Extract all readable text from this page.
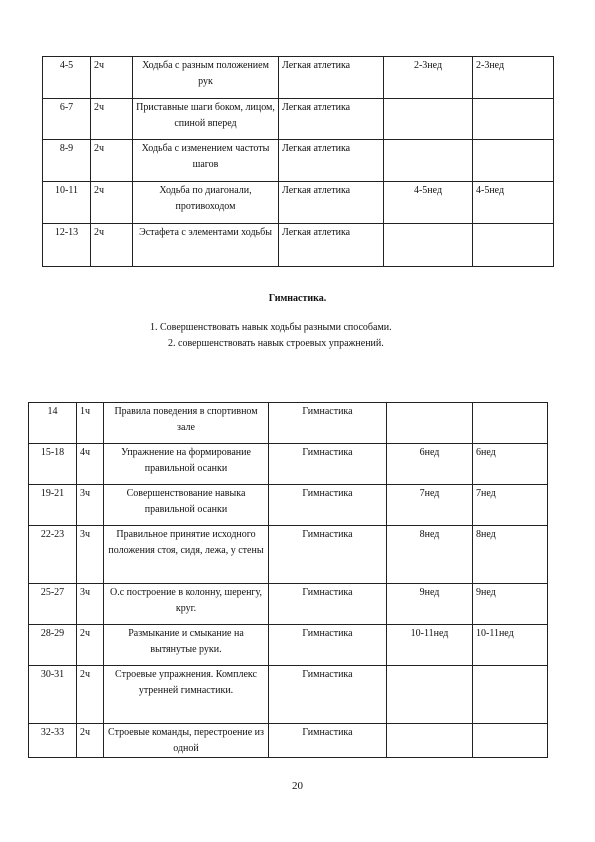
4-5	2ч	Ходьба с разным положением рук	Легкая атлетика	2-3нед	2-3нед
6-7	2ч	Приставные шаги боком, лицом, спиной вперед	Легкая атлетика		
8-9	2ч	Ходьба с изменением частоты шагов	Легкая атлетика		
10-11	2ч	Ходьба по диагонали, противоходом	Легкая атлетика	4-5нед	4-5нед
12-13	2ч	Эстафета с элементами ходьбы	Легкая атлетика		
Гимнастика.
1. Совершенствовать навык ходьбы разными способами.
2. совершенствовать навык строевых упражнений.
14	1ч	Правила поведения в спортивном зале	Гимнастика		
15-18	4ч	Упражнение на формирование правильной осанки	Гимнастика	6нед	6нед
19-21	3ч	Совершенствование навыка правильной осанки	Гимнастика	7нед	7нед
22-23	3ч	Правильное принятие исходного положения стоя, сидя, лежа, у стены	Гимнастика	8нед	8нед
25-27	3ч	О.с построение в колонну, шеренгу, круг.	Гимнастика	9нед	9нед
28-29	2ч	Размыкание и смыкание на вытянутые руки.	Гимнастика	10-11нед	10-11нед
30-31	2ч	Строевые упражнения. Комплекс утренней гимнастики.	Гимнастика		
32-33	2ч	Строевые команды, перестроение из одной	Гимнастика		
20
